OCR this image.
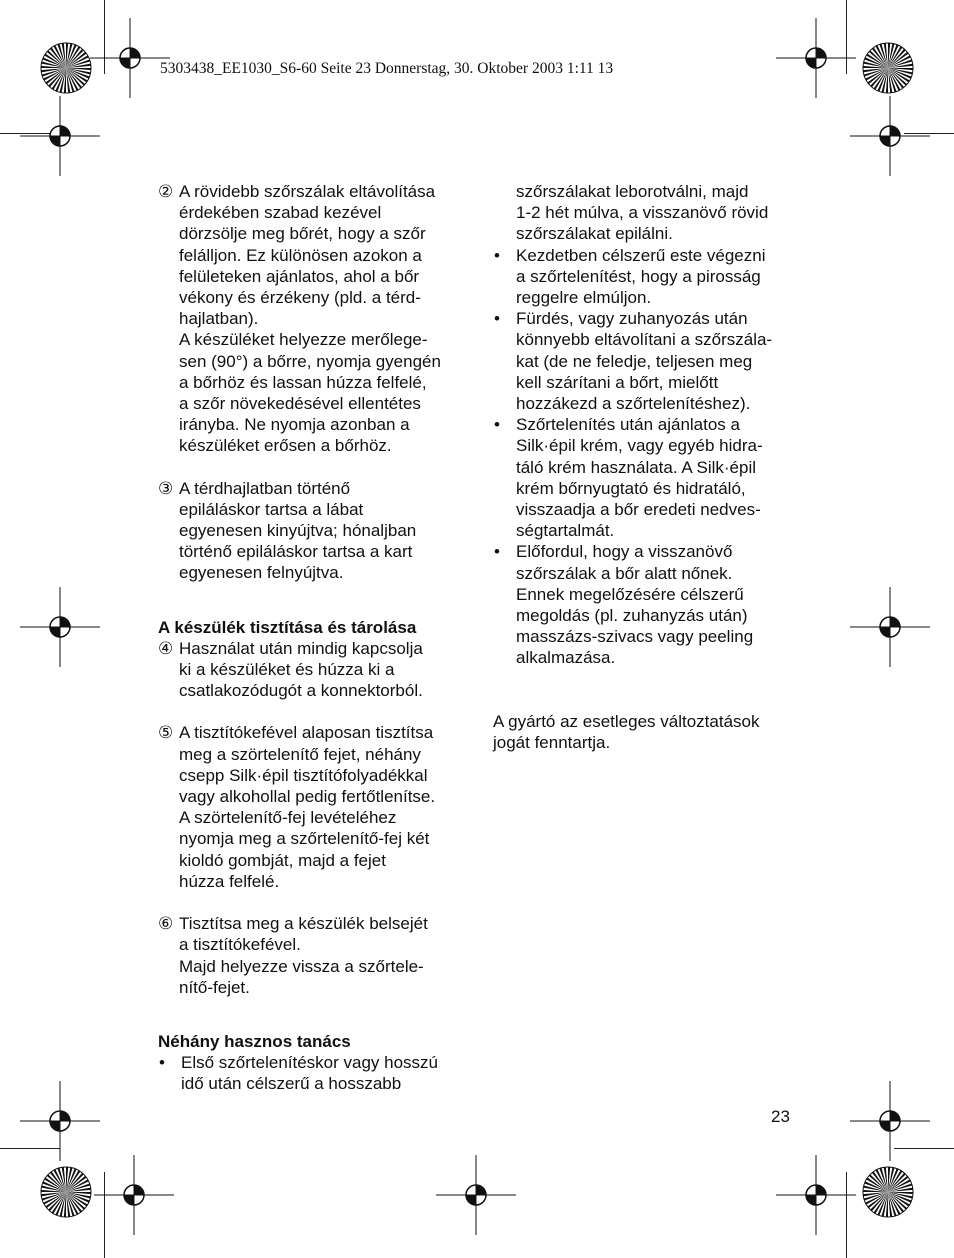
5303438_EE1030_S6-60 Seite 23 Donnerstag, 30. Oktober 2003 1:11 13
② A rövidebb szőrszálak eltávolítása
érdekében szabad kezével
dörzsölje meg bőrét, hogy a szőr
felálljon. Ez különösen azokon a
felületeken ajánlatos, ahol a bőr
vékony és érzékeny (pld. a térd-
hajlatban).
A készüléket helyezze merőlege-
sen (90°) a bőrre, nyomja gyengén
a bőrhöz és lassan húzza felfelé,
a szőr növekedésével ellentétes
irányba. Ne nyomja azonban a
készüléket erősen a bőrhöz.
③ A térdhajlatban történő
epiláláskor tartsa a lábat
egyenesen kinyújtva; hónaljban
történő epiláláskor tartsa a kart
egyenesen felnyújtva.
A készülék tisztítása és tárolása
④ Használat után mindig kapcsolja
ki a készüléket és húzza ki a
csatlakozódugót a konnektorból.
⑤ A tisztítókefével alaposan tisztítsa
meg a szörtelenítő fejet, néhány
csepp Silk·épil tisztítófolyadékkal
vagy alkohollal pedig fertőtlenítse.
A szörtelenítő-fej levételéhez
nyomja meg a szőrtelenítő-fej két
kioldó gombját, majd a fejet
húzza felfelé.
⑥ Tisztítsa meg a készülék belsejét
a tisztítókefével.
Majd helyezze vissza a szőrtele-
nítő-fejet.
Néhány hasznos tanács
• Első szőrtelenítéskor vagy hosszú
idő után célszerű a hosszabb
szőrszálakat leborotválni, majd
1-2 hét múlva, a visszanövő rövid
szőrszálakat epilálni.
• Kezdetben célszerű este végezni
a szőrtelenítést, hogy a pirosság
reggelre elmúljon.
• Fürdés, vagy zuhanyozás után
könnyebb eltávolítani a szőrszála-
kat (de ne feledje, teljesen meg
kell szárítani a bőrt, mielőtt
hozzákezd a szőrtelenítéshez).
• Szőrtelenítés után ajánlatos a
Silk·épil krém, vagy egyéb hidra-
táló krém használata. A Silk·épil
krém bőrnyugtató és hidratáló,
visszaadja a bőr eredeti nedves-
ségtartalmát.
• Előfordul, hogy a visszanövő
szőrszálak a bőr alatt nőnek.
Ennek megelőzésére célszerű
megoldás (pl. zuhanyzás után)
masszázs-szivacs vagy peeling
alkalmazása.
A gyártó az esetleges változtatások
jogát fenntartja.
23
